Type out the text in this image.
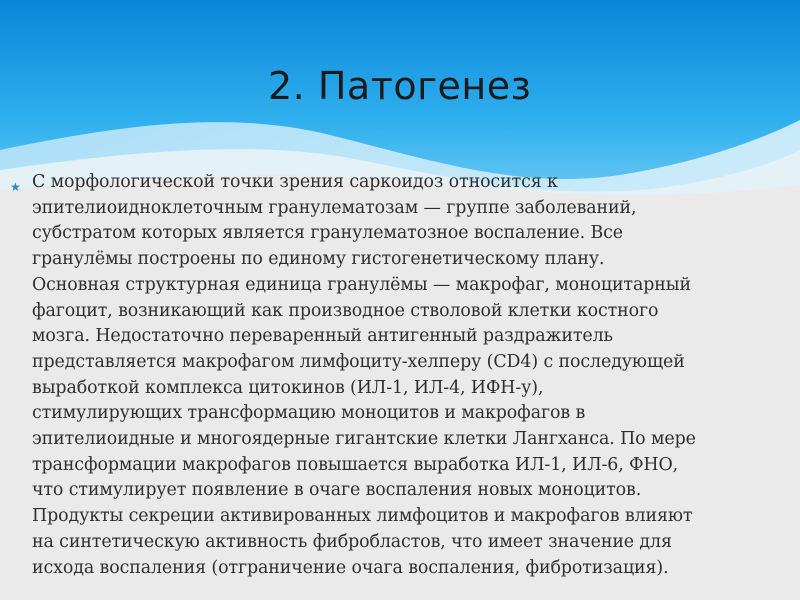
2. Патогенез
★ С морфологической точки зрения саркоидоз относится к
эпителиоидноклеточным гранулематозам — группе заболеваний,
субстратом которых является гранулематозное воспаление. Все
гранулёмы построены по единому гистогенетическому плану.
Основная структурная единица гранулёмы — макрофаг, моноцитарный
фагоцит, возникающий как производное стволовой клетки костного
мозга. Недостаточно переваренный антигенный раздражитель
представляется макрофагом лимфоциту-хелперу (CD4) с последующей
выработкой комплекса цитокинов (ИЛ-1, ИЛ-4, ИФН-у),
стимулирующих трансформацию моноцитов и макрофагов в
эпителиоидные и многоядерные гигантские клетки Лангханса. По мере
трансформации макрофагов повышается выработка ИЛ-1, ИЛ-6, ФНО,
что стимулирует появление в очаге воспаления новых моноцитов.
Продукты секреции активированных лимфоцитов и макрофагов влияют
на синтетическую активность фибробластов, что имеет значение для
исхода воспаления (отграничение очага воспаления, фибротизация).
